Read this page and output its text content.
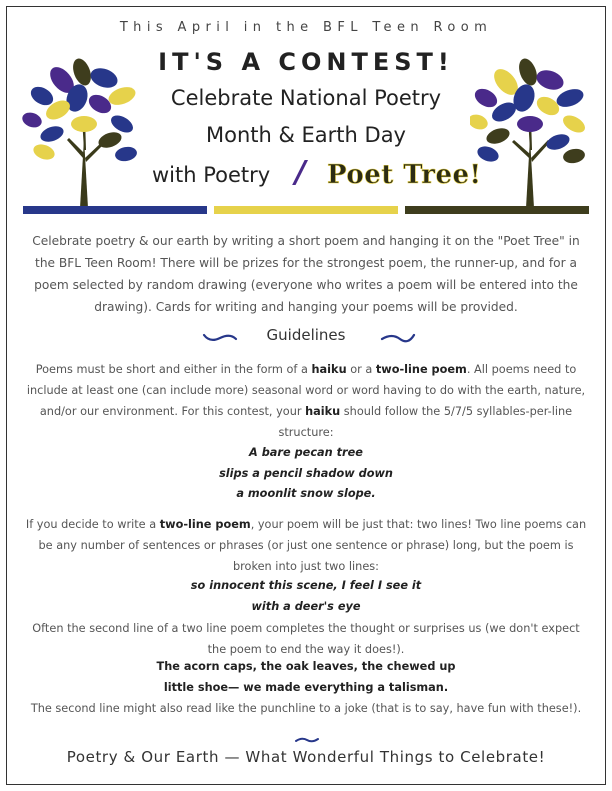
This April in the BFL Teen Room
IT'S A CONTEST!
Celebrate National Poetry
Month & Earth Day
with Poetry / Poet Tree!
Celebrate poetry & our earth by writing a short poem and hanging it on the "Poet Tree" in the BFL Teen Room! There will be prizes for the strongest poem, the runner-up, and for a poem selected by random drawing (everyone who writes a poem will be entered into the drawing). Cards for writing and hanging your poems will be provided.
Guidelines
Poems must be short and either in the form of a haiku or a two-line poem. All poems need to include at least one (can include more) seasonal word or word having to do with the earth, nature, and/or our environment. For this contest, your haiku should follow the 5/7/5 syllables-per-line structure:
A bare pecan tree
slips a pencil shadow down
a moonlit snow slope.
If you decide to write a two-line poem, your poem will be just that: two lines! Two line poems can be any number of sentences or phrases (or just one sentence or phrase) long, but the poem is broken into just two lines:
so innocent this scene, I feel I see it
with a deer's eye
Often the second line of a two line poem completes the thought or surprises us (we don't expect the poem to end the way it does!).
The acorn caps, the oak leaves, the chewed up
little shoe— we made everything a talisman.
The second line might also read like the punchline to a joke (that is to say, have fun with these!).
Poetry & Our Earth — What Wonderful Things to Celebrate!
